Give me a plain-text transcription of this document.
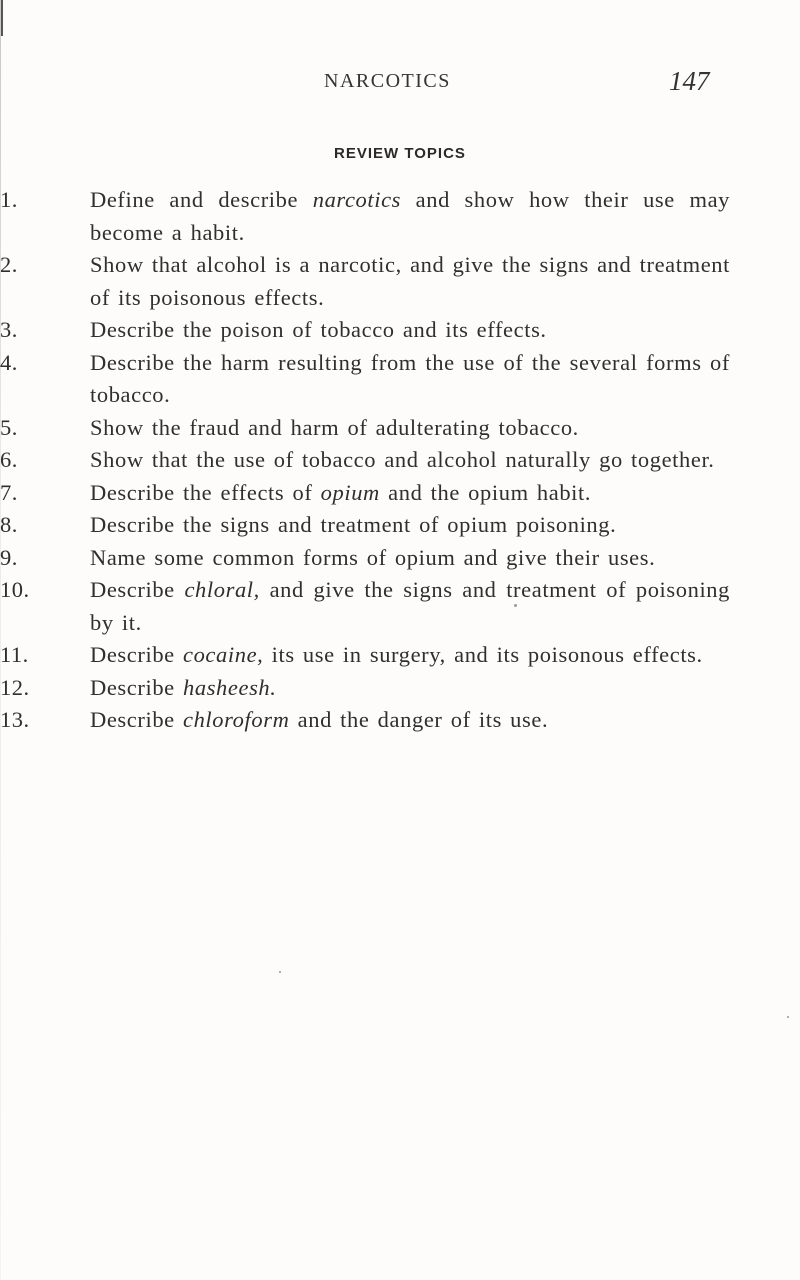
NARCOTICS	147
REVIEW TOPICS
1.	Define and describe narcotics and show how their use may become a habit.
2.	Show that alcohol is a narcotic, and give the signs and treatment of its poisonous effects.
3.	Describe the poison of tobacco and its effects.
4.	Describe the harm resulting from the use of the several forms of tobacco.
5.	Show the fraud and harm of adulterating tobacco.
6.	Show that the use of tobacco and alcohol naturally go together.
7.	Describe the effects of opium and the opium habit.
8.	Describe the signs and treatment of opium poisoning.
9.	Name some common forms of opium and give their uses.
10.	Describe chloral, and give the signs and treatment of poisoning by it.
11.	Describe cocaine, its use in surgery, and its poisonous effects.
12.	Describe hasheesh.
13.	Describe chloroform and the danger of its use.
